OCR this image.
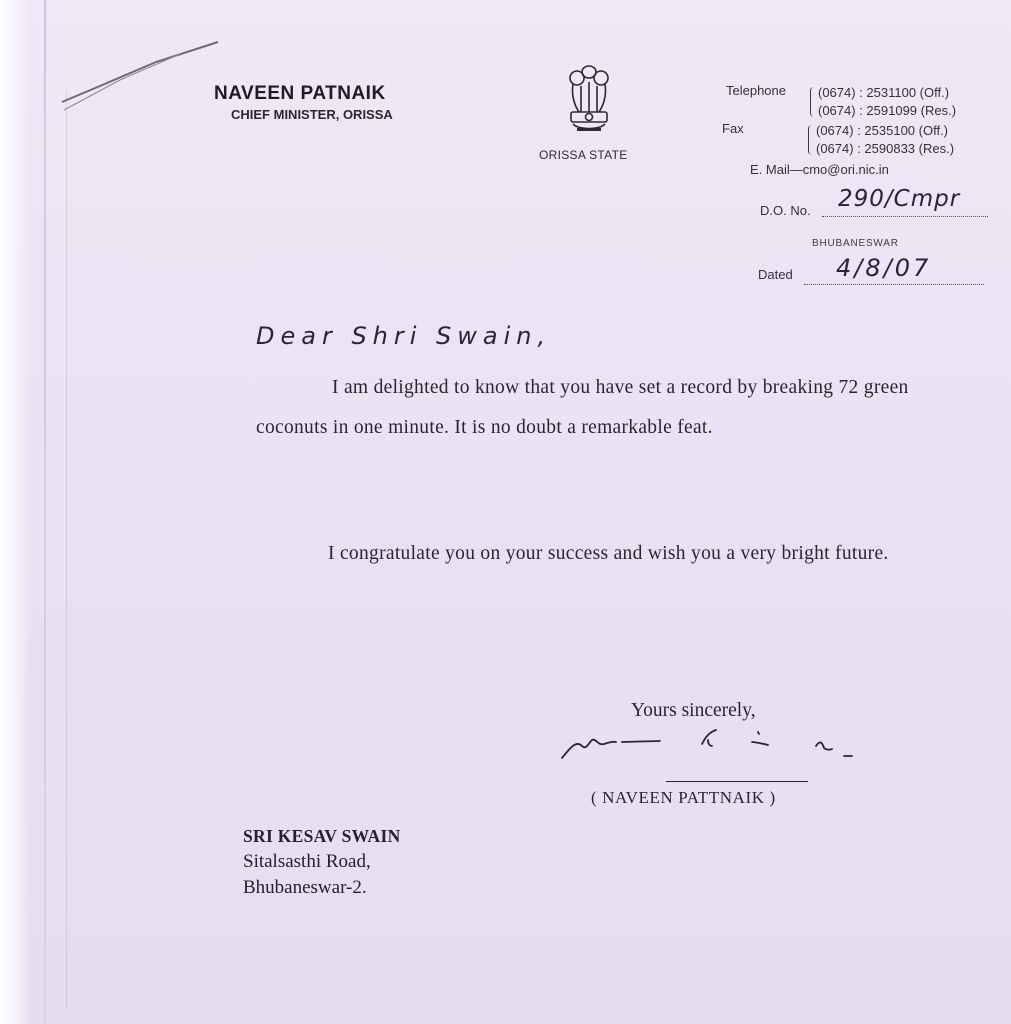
NAVEEN PATNAIK
CHIEF MINISTER, ORISSA
ORISSA STATE
Telephone (0674) : 2531100 (Off.)
(0674) : 2591099 (Res.)
Fax	(0674) : 2535100 (Off.)
(0674) : 2590833 (Res.)
E. Mail—cmo@ori.nic.in
D.O. No. 290/Cmpr
BHUBANESWAR
Dated 4/8/07
Dear Shri Swain,
I am delighted to know that you have set a record by breaking 72 green coconuts in one minute. It is no doubt a remarkable feat.
I congratulate you on your success and wish you a very bright future.
Yours sincerely,
( NAVEEN PATTNAIK )
SRI KESAV SWAIN
Sitalsasthi Road,
Bhubaneswar-2.
